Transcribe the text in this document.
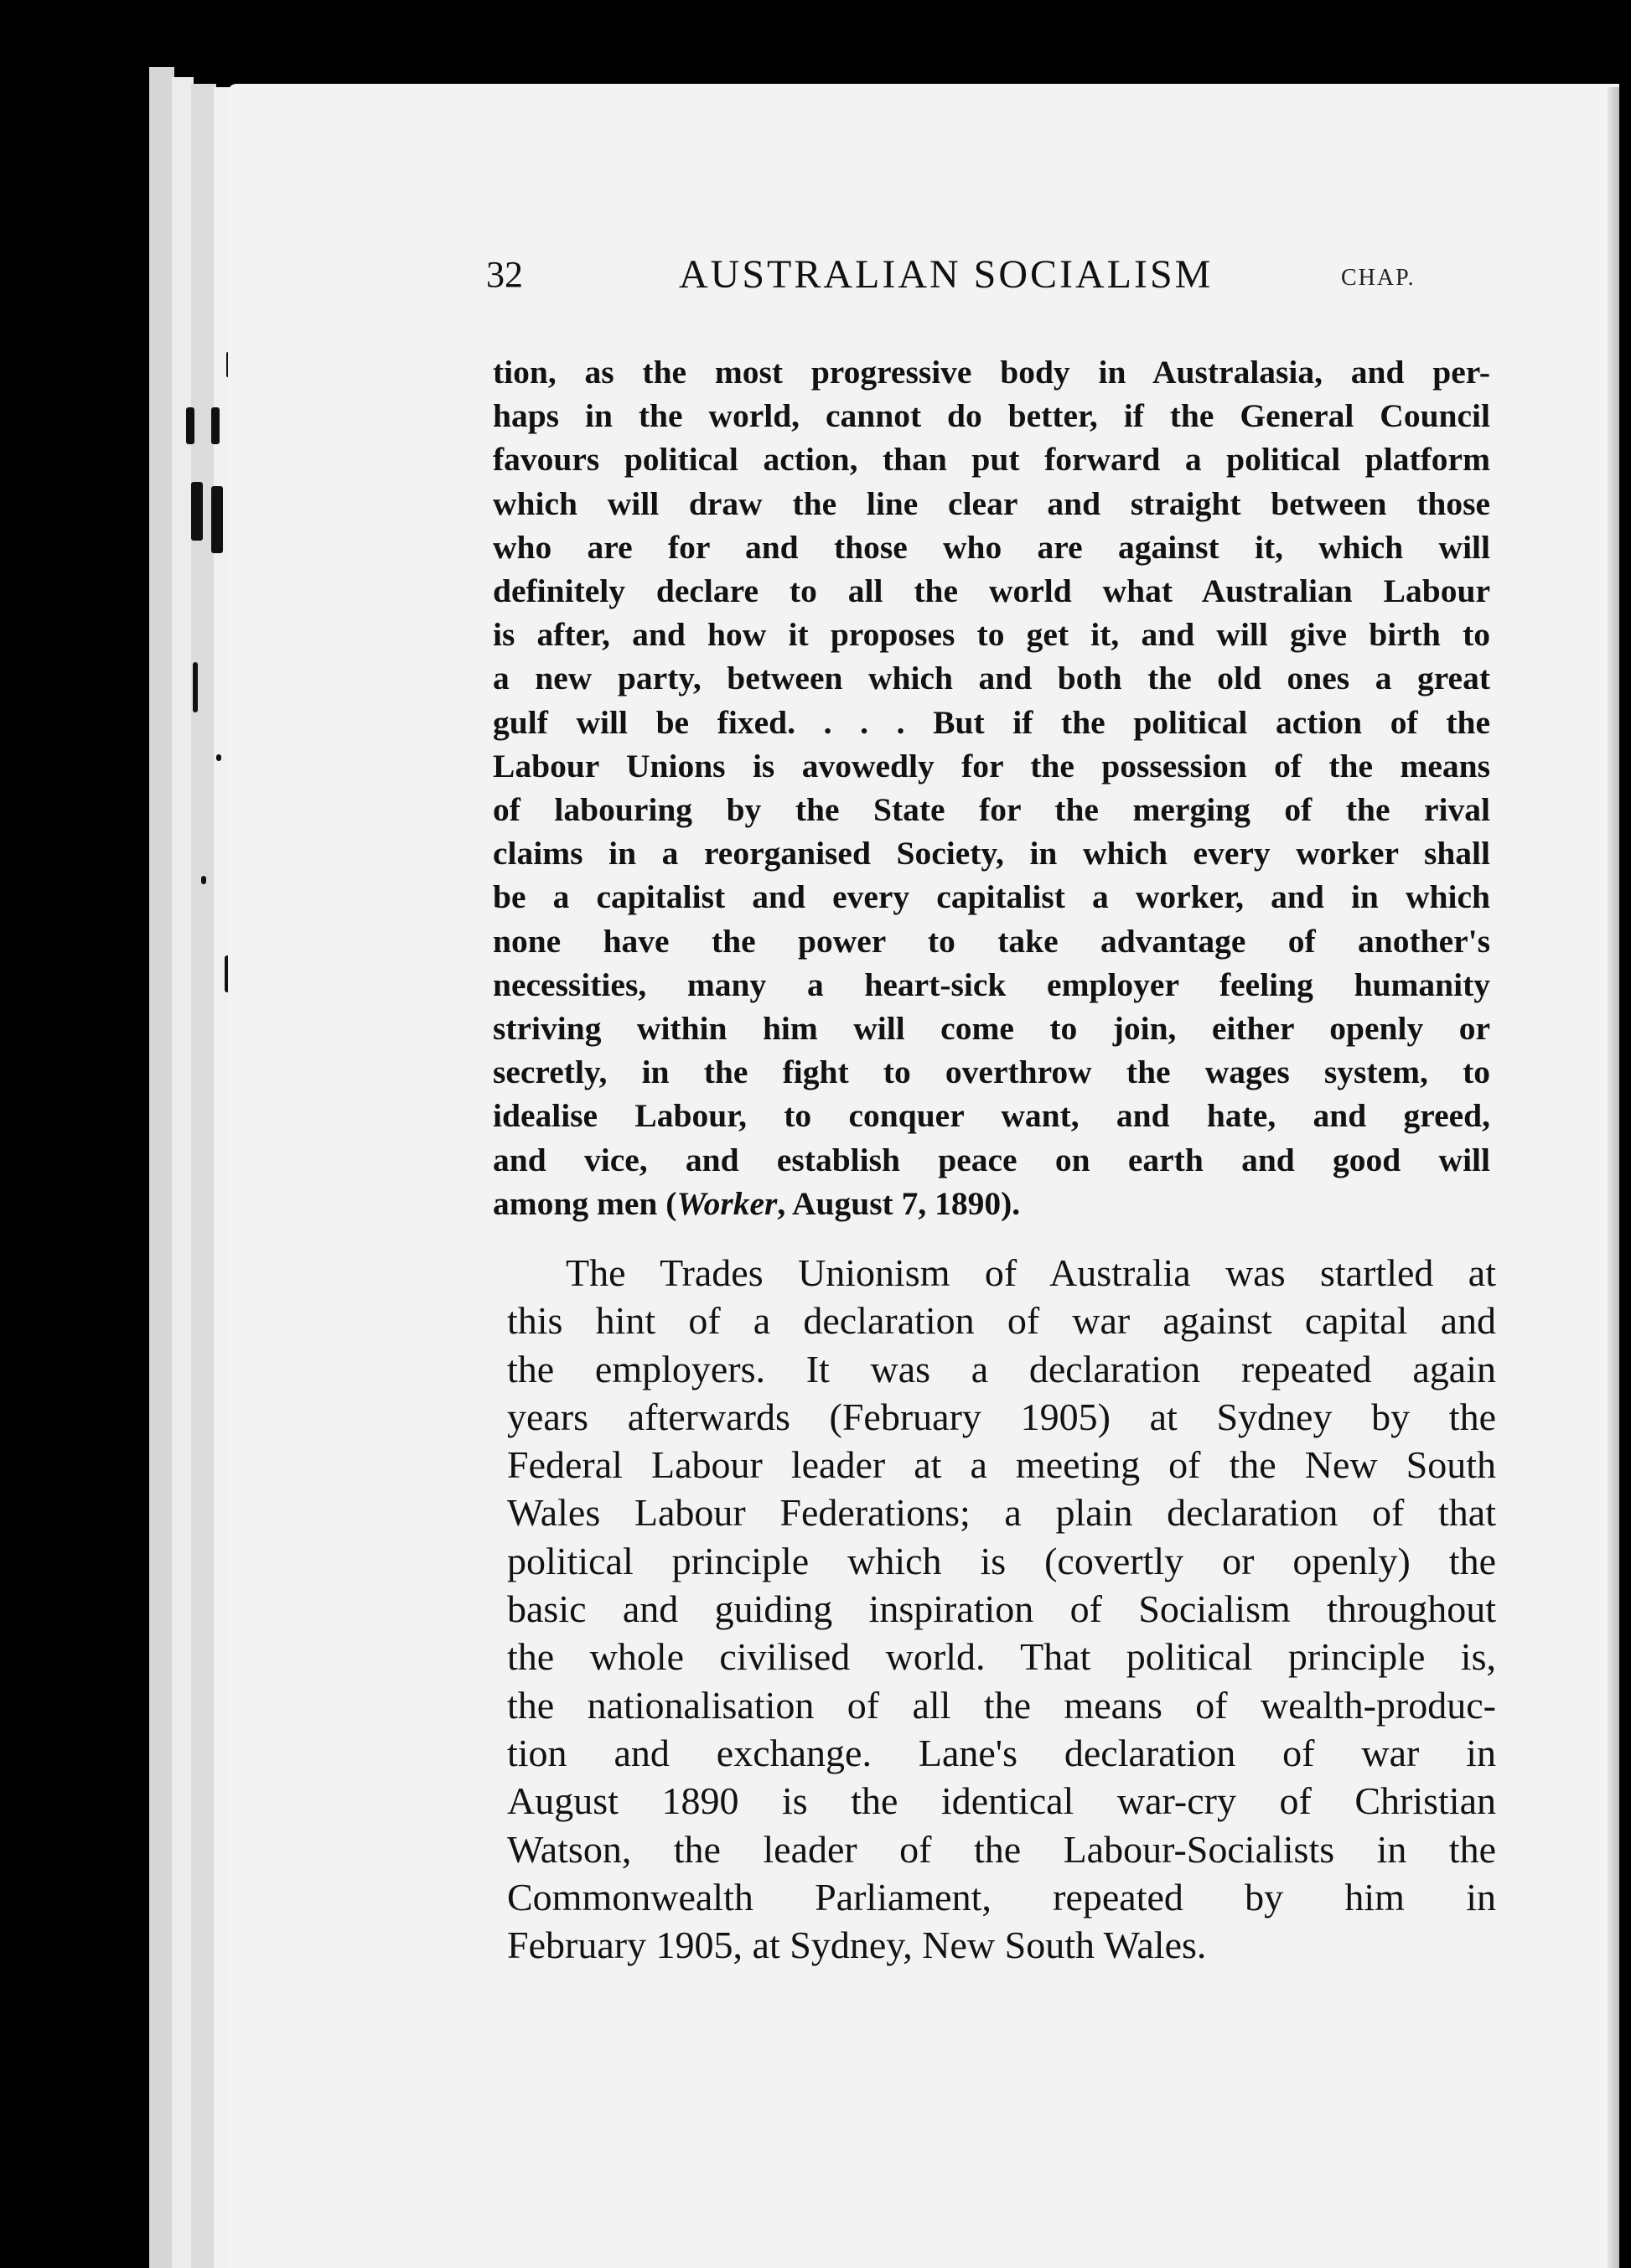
32	AUSTRALIAN SOCIALISM	CHAP.
tion, as the most progressive body in Australasia, and per-
haps in the world, cannot do better, if the General Council
favours political action, than put forward a political platform
which will draw the line clear and straight between those
who are for and those who are against it, which will
definitely declare to all the world what Australian Labour
is after, and how it proposes to get it, and will give birth to
a new party, between which and both the old ones a great
gulf will be fixed. . . . But if the political action of the
Labour Unions is avowedly for the possession of the means
of labouring by the State for the merging of the rival
claims in a reorganised Society, in which every worker shall
be a capitalist and every capitalist a worker, and in which
none have the power to take advantage of another's
necessities, many a heart-sick employer feeling humanity
striving within him will come to join, either openly or
secretly, in the fight to overthrow the wages system, to
idealise Labour, to conquer want, and hate, and greed,
and vice, and establish peace on earth and good will
among men (Worker, August 7, 1890).
The Trades Unionism of Australia was startled at
this hint of a declaration of war against capital and
the employers. It was a declaration repeated again
years afterwards (February 1905) at Sydney by the
Federal Labour leader at a meeting of the New South
Wales Labour Federations; a plain declaration of that
political principle which is (covertly or openly) the
basic and guiding inspiration of Socialism throughout
the whole civilised world. That political principle is,
the nationalisation of all the means of wealth-produc-
tion and exchange. Lane's declaration of war in
August 1890 is the identical war-cry of Christian
Watson, the leader of the Labour-Socialists in the
Commonwealth Parliament, repeated by him in
February 1905, at Sydney, New South Wales.
